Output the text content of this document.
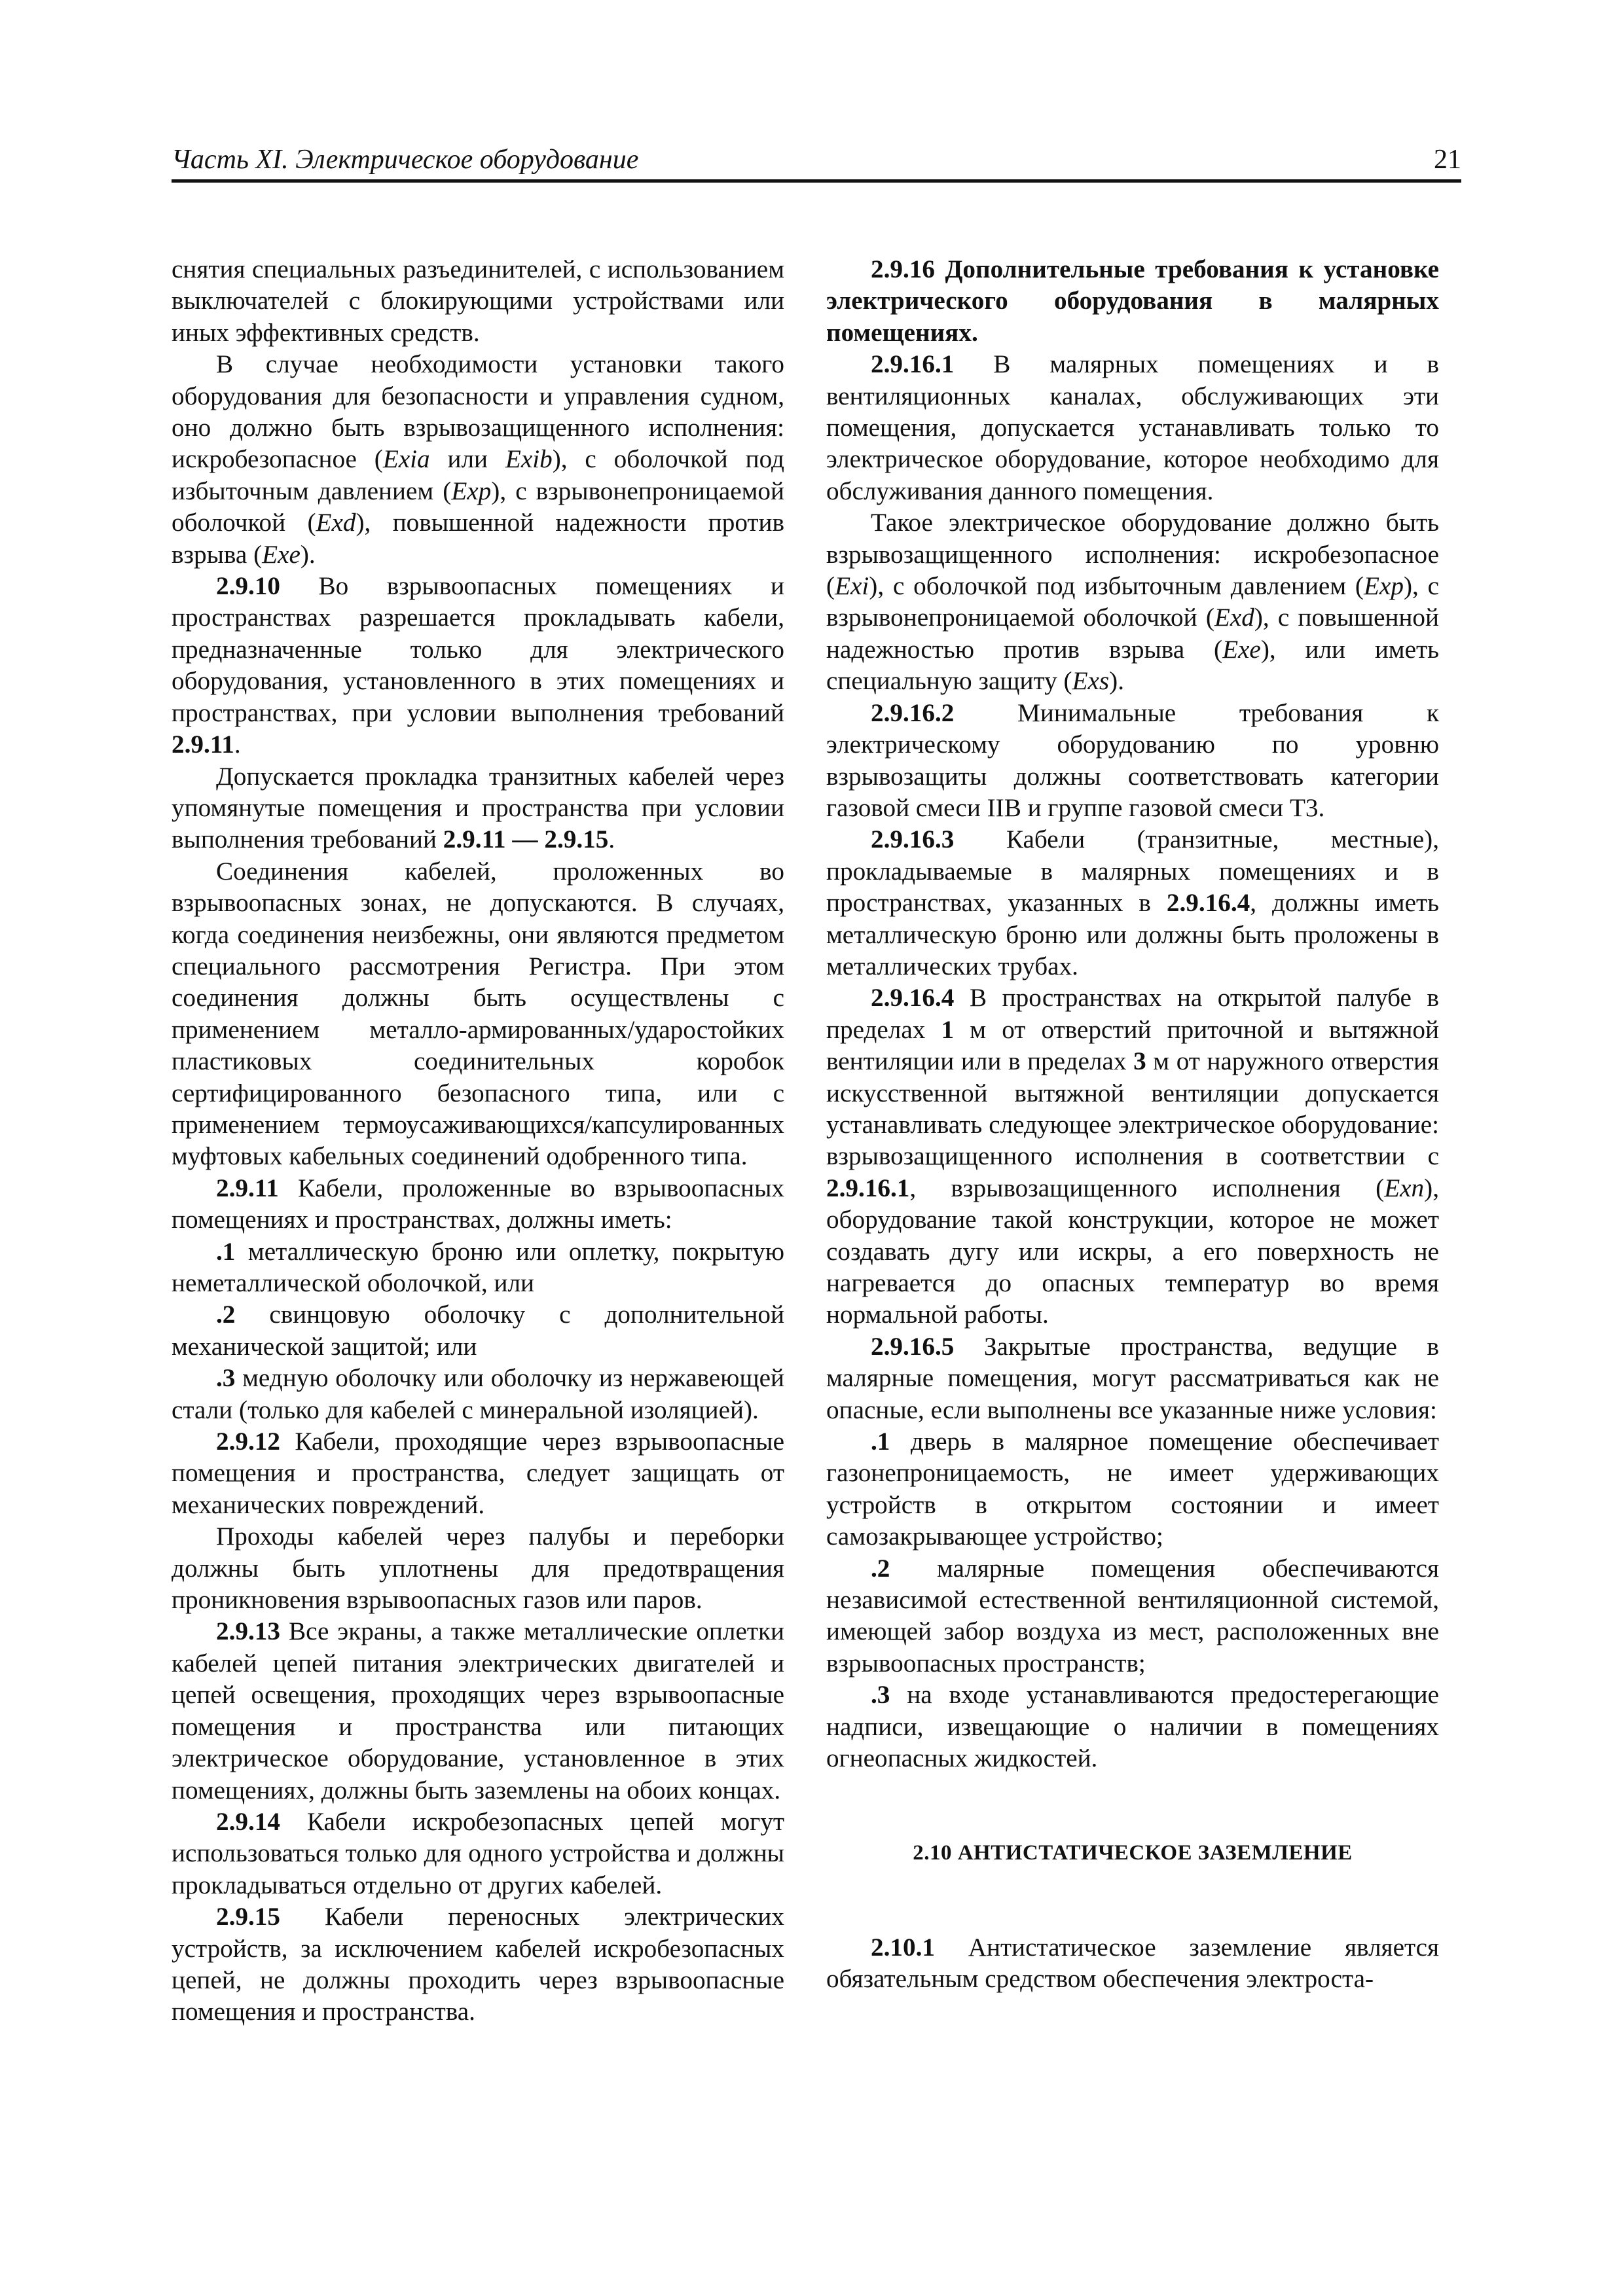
Часть XI. Электрическое оборудование	21

снятия специальных разъединителей, с использованием выключателей с блокирующими устройствами или иных эффективных средств.

В случае необходимости установки такого оборудования для безопасности и управления судном, оно должно быть взрывозащищенного исполнения: искробезопасное (Exia или Exib), с оболочкой под избыточным давлением (Exp), с взрывонепроницаемой оболочкой (Exd), повышенной надежности против взрыва (Exe).

2.9.10 Во взрывоопасных помещениях и пространствах разрешается прокладывать кабели, предназначенные только для электрического оборудования, установленного в этих помещениях и пространствах, при условии выполнения требований 2.9.11.

Допускается прокладка транзитных кабелей через упомянутые помещения и пространства при условии выполнения требований 2.9.11 — 2.9.15.

Соединения кабелей, проложенных во взрывоопасных зонах, не допускаются. В случаях, когда соединения неизбежны, они являются предметом специального рассмотрения Регистра. При этом соединения должны быть осуществлены с применением металло-армированных/ударостойких пластиковых соединительных коробок сертифицированного безопасного типа, или с применением термоусаживающихся/капсулированных муфтовых кабельных соединений одобренного типа.

2.9.11 Кабели, проложенные во взрывоопасных помещениях и пространствах, должны иметь:

.1 металлическую броню или оплетку, покрытую неметаллической оболочкой, или

.2 свинцовую оболочку с дополнительной механической защитой; или

.3 медную оболочку или оболочку из нержавеющей стали (только для кабелей с минеральной изоляцией).

2.9.12 Кабели, проходящие через взрывоопасные помещения и пространства, следует защищать от механических повреждений.

Проходы кабелей через палубы и переборки должны быть уплотнены для предотвращения проникновения взрывоопасных газов или паров.

2.9.13 Все экраны, а также металлические оплетки кабелей цепей питания электрических двигателей и цепей освещения, проходящих через взрывоопасные помещения и пространства или питающих электрическое оборудование, установленное в этих помещениях, должны быть заземлены на обоих концах.

2.9.14 Кабели искробезопасных цепей могут использоваться только для одного устройства и должны прокладываться отдельно от других кабелей.

2.9.15 Кабели переносных электрических устройств, за исключением кабелей искробезопасных цепей, не должны проходить через взрывоопасные помещения и пространства.

2.9.16 Дополнительные требования к установке электрического оборудования в малярных помещениях.

2.9.16.1 В малярных помещениях и в вентиляционных каналах, обслуживающих эти помещения, допускается устанавливать только то электрическое оборудование, которое необходимо для обслуживания данного помещения.

Такое электрическое оборудование должно быть взрывозащищенного исполнения: искробезопасное (Exi), с оболочкой под избыточным давлением (Exp), с взрывонепроницаемой оболочкой (Exd), с повышенной надежностью против взрыва (Exe), или иметь специальную защиту (Exs).

2.9.16.2 Минимальные требования к электрическому оборудованию по уровню взрывозащиты должны соответствовать категории газовой смеси IIB и группе газовой смеси Т3.

2.9.16.3 Кабели (транзитные, местные), прокладываемые в малярных помещениях и в пространствах, указанных в 2.9.16.4, должны иметь металлическую броню или должны быть проложены в металлических трубах.

2.9.16.4 В пространствах на открытой палубе в пределах 1 м от отверстий приточной и вытяжной вентиляции или в пределах 3 м от наружного отверстия искусственной вытяжной вентиляции допускается устанавливать следующее электрическое оборудование: взрывозащищенного исполнения в соответствии с 2.9.16.1, взрывозащищенного исполнения (Exn), оборудование такой конструкции, которое не может создавать дугу или искры, а его поверхность не нагревается до опасных температур во время нормальной работы.

2.9.16.5 Закрытые пространства, ведущие в малярные помещения, могут рассматриваться как не опасные, если выполнены все указанные ниже условия:

.1 дверь в малярное помещение обеспечивает газонепроницаемость, не имеет удерживающих устройств в открытом состоянии и имеет самозакрывающее устройство;

.2 малярные помещения обеспечиваются независимой естественной вентиляционной системой, имеющей забор воздуха из мест, расположенных вне взрывоопасных пространств;

.3 на входе устанавливаются предостерегающие надписи, извещающие о наличии в помещениях огнеопасных жидкостей.

2.10 АНТИСТАТИЧЕСКОЕ ЗАЗЕМЛЕНИЕ

2.10.1 Антистатическое заземление является обязательным средством обеспечения электроста-
